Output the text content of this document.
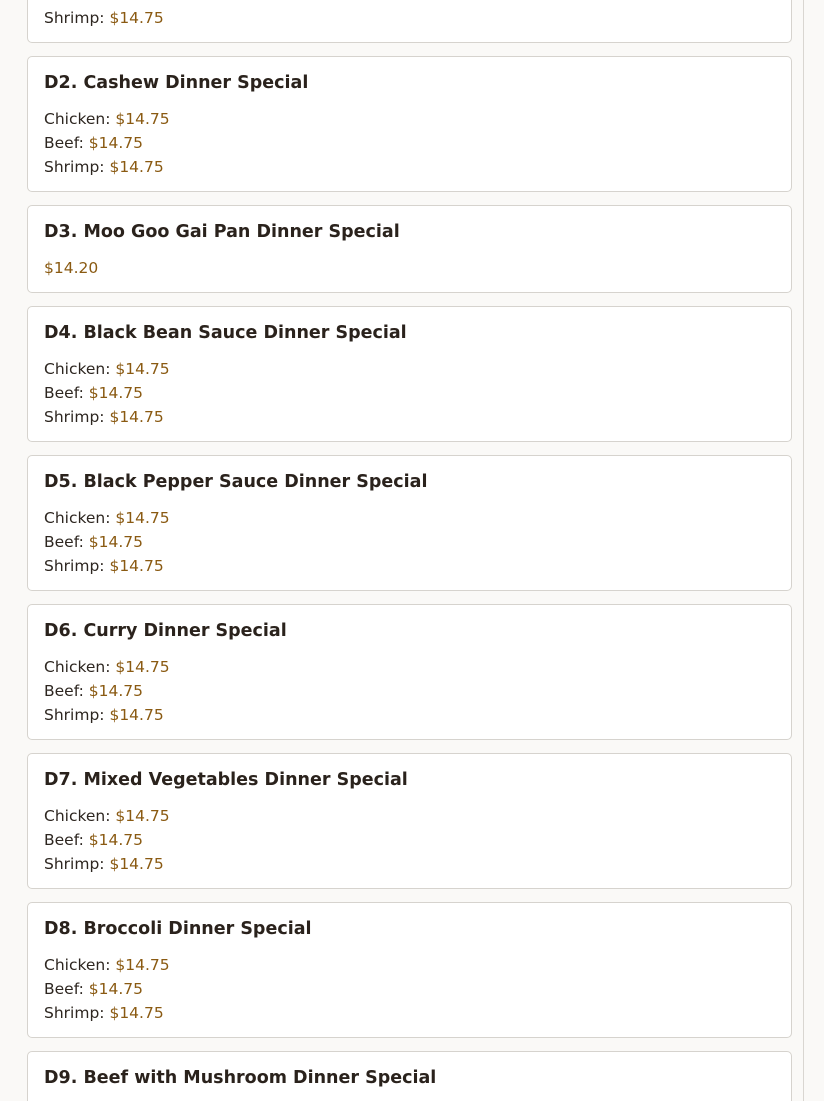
Shrimp: $14.75
D2. Cashew Dinner Special
Chicken: $14.75
Beef: $14.75
Shrimp: $14.75
D3. Moo Goo Gai Pan Dinner Special
$14.20
D4. Black Bean Sauce Dinner Special
Chicken: $14.75
Beef: $14.75
Shrimp: $14.75
D5. Black Pepper Sauce Dinner Special
Chicken: $14.75
Beef: $14.75
Shrimp: $14.75
D6. Curry Dinner Special
Chicken: $14.75
Beef: $14.75
Shrimp: $14.75
D7. Mixed Vegetables Dinner Special
Chicken: $14.75
Beef: $14.75
Shrimp: $14.75
D8. Broccoli Dinner Special
Chicken: $14.75
Beef: $14.75
Shrimp: $14.75
D9. Beef with Mushroom Dinner Special
